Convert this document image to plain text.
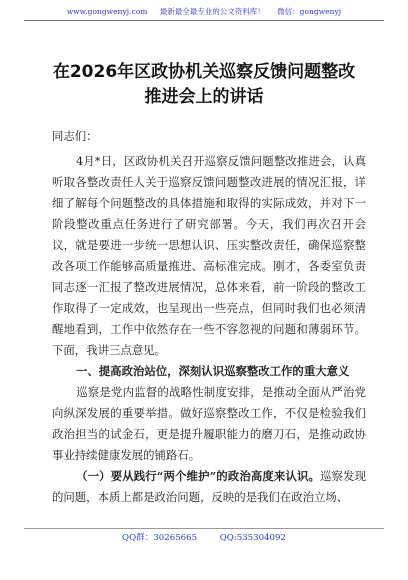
www.gongwenyj.com   最新最全最专业的公文资料库！   微信：gongwenyj
在2026年区政协机关巡察反馈问题整改
推进会上的讲话
同志们：
4月*日，区政协机关召开巡察反馈问题整改推进会，认真听取各整改责任人关于巡察反馈问题整改进展的情况汇报，详细了解每个问题整改的具体措施和取得的实际成效，并对下一阶段整改重点任务进行了研究部署。今天，我们再次召开会议，就是要进一步统一思想认识、压实整改责任，确保巡察整改各项工作能够高质量推进、高标准完成。刚才，各委室负责同志逐一汇报了整改进展情况，总体来看，前一阶段的整改工作取得了一定成效，也呈现出一些亮点，但同时我们也必须清醒地看到，工作中依然存在一些不容忽视的问题和薄弱环节。下面，我讲三点意见。
一、提高政治站位，深刻认识巡察整改工作的重大意义
巡察是党内监督的战略性制度安排，是推动全面从严治党向纵深发展的重要举措。做好巡察整改工作，不仅是检验我们政治担当的试金石，更是提升履职能力的磨刀石，是推动政协事业持续健康发展的铺路石。
（一）要从践行“两个维护”的政治高度来认识。巡察发现的问题，本质上都是政治问题，反映的是我们在政治立场、
QQ群：30265665   	QQ:535304092
